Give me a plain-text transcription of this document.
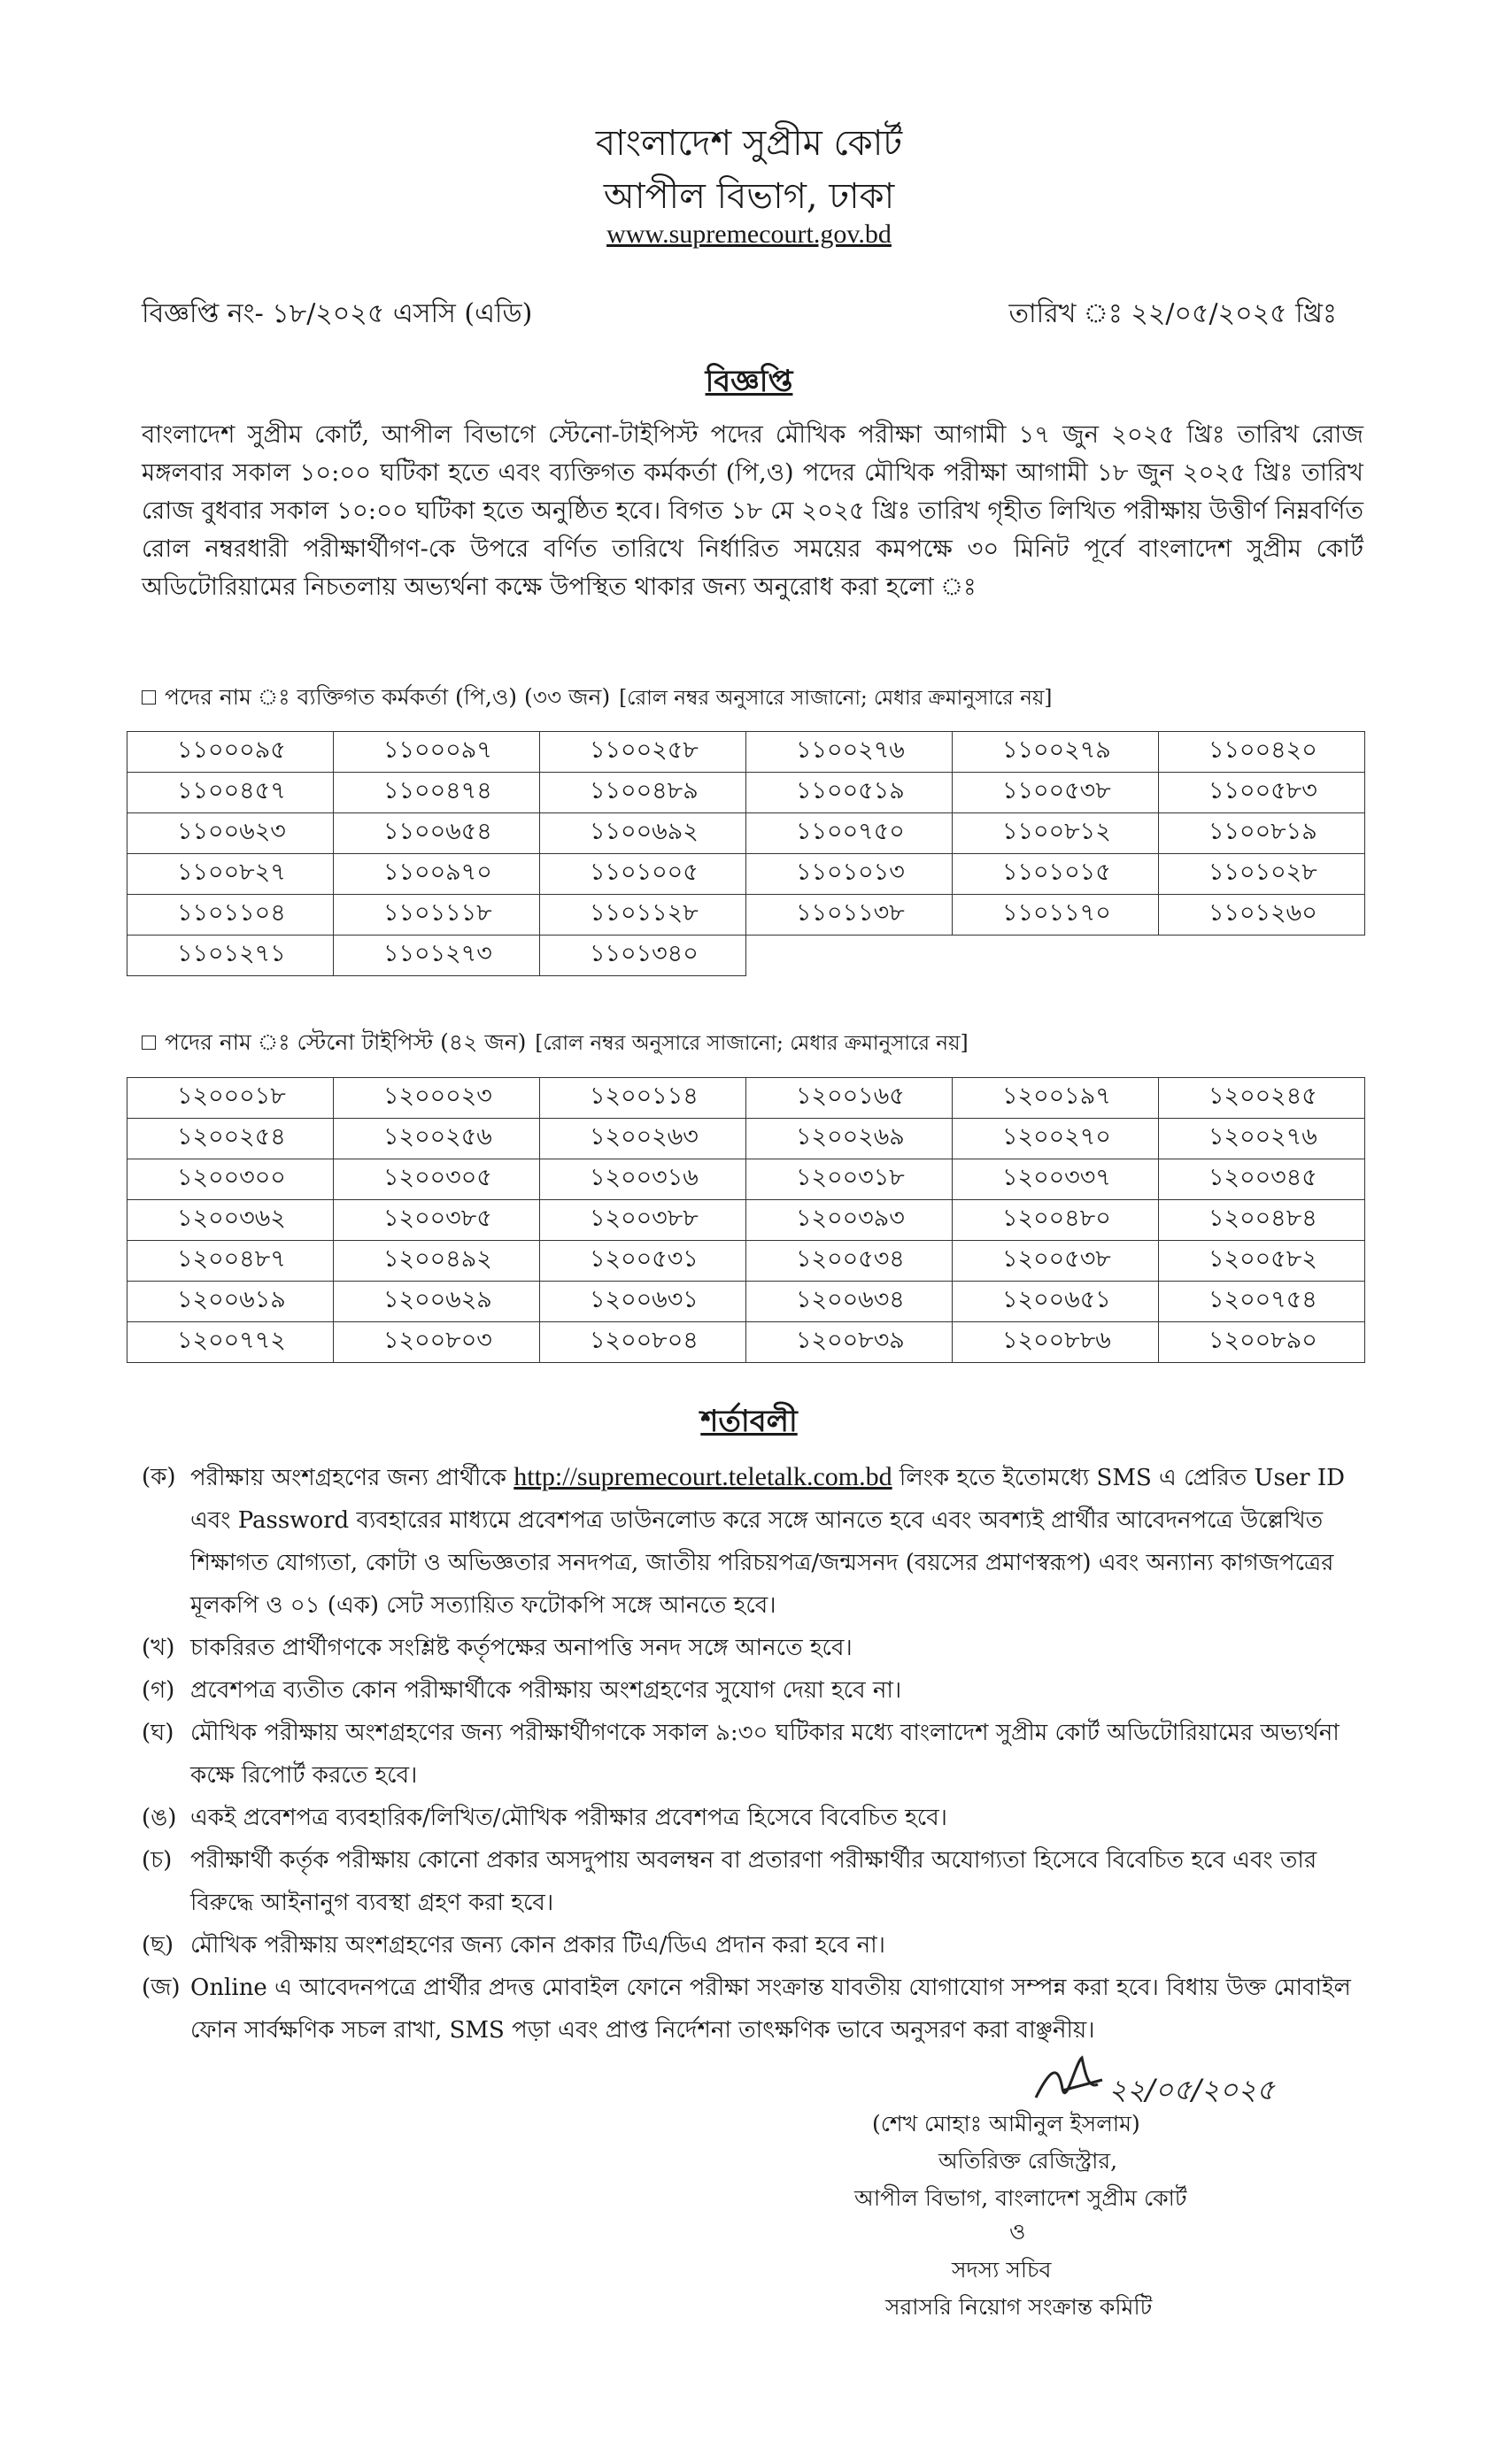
বাংলাদেশ সুপ্রীম কোর্ট
আপীল বিভাগ, ঢাকা
www.supremecourt.gov.bd
বিজ্ঞপ্তি নং- ১৮/২০২৫ এসসি (এডি)	তারিখ ঃ ২২/০৫/২০২৫ খ্রিঃ
বিজ্ঞপ্তি
বাংলাদেশ সুপ্রীম কোর্ট, আপীল বিভাগে স্টেনো-টাইপিস্ট পদের মৌখিক পরীক্ষা আগামী ১৭ জুন ২০২৫ খ্রিঃ তারিখ রোজ মঙ্গলবার সকাল ১০:০০ ঘটিকা হতে এবং ব্যক্তিগত কর্মকর্তা (পি,ও) পদের মৌখিক পরীক্ষা আগামী ১৮ জুন ২০২৫ খ্রিঃ তারিখ রোজ বুধবার সকাল ১০:০০ ঘটিকা হতে অনুষ্ঠিত হবে। বিগত ১৮ মে ২০২৫ খ্রিঃ তারিখ গৃহীত লিখিত পরীক্ষায় উত্তীর্ণ নিম্নবর্ণিত রোল নম্বরধারী পরীক্ষার্থীগণ-কে উপরে বর্ণিত তারিখে নির্ধারিত সময়ের কমপক্ষে ৩০ মিনিট পূর্বে বাংলাদেশ সুপ্রীম কোর্ট অডিটোরিয়ামের নিচতলায় অভ্যর্থনা কক্ষে উপস্থিত থাকার জন্য অনুরোধ করা হলো ঃ
পদের নাম ঃ ব্যক্তিগত কর্মকর্তা (পি,ও) (৩৩ জন) [রোল নম্বর অনুসারে সাজানো; মেধার ক্রমানুসারে নয়]
১১০০০৯৫	১১০০০৯৭	১১০০২৫৮	১১০০২৭৬	১১০০২৭৯	১১০০৪২০
১১০০৪৫৭	১১০০৪৭৪	১১০০৪৮৯	১১০০৫১৯	১১০০৫৩৮	১১০০৫৮৩
১১০০৬২৩	১১০০৬৫৪	১১০০৬৯২	১১০০৭৫০	১১০০৮১২	১১০০৮১৯
১১০০৮২৭	১১০০৯৭০	১১০১০০৫	১১০১০১৩	১১০১০১৫	১১০১০২৮
১১০১১০৪	১১০১১১৮	১১০১১২৮	১১০১১৩৮	১১০১১৭০	১১০১২৬০
১১০১২৭১	১১০১২৭৩	১১০১৩৪০			
পদের নাম ঃ স্টেনো টাইপিস্ট (৪২ জন) [রোল নম্বর অনুসারে সাজানো; মেধার ক্রমানুসারে নয়]
১২০০০১৮	১২০০০২৩	১২০০১১৪	১২০০১৬৫	১২০০১৯৭	১২০০২৪৫
১২০০২৫৪	১২০০২৫৬	১২০০২৬৩	১২০০২৬৯	১২০০২৭০	১২০০২৭৬
১২০০৩০০	১২০০৩০৫	১২০০৩১৬	১২০০৩১৮	১২০০৩৩৭	১২০০৩৪৫
১২০০৩৬২	১২০০৩৮৫	১২০০৩৮৮	১২০০৩৯৩	১২০০৪৮০	১২০০৪৮৪
১২০০৪৮৭	১২০০৪৯২	১২০০৫৩১	১২০০৫৩৪	১২০০৫৩৮	১২০০৫৮২
১২০০৬১৯	১২০০৬২৯	১২০০৬৩১	১২০০৬৩৪	১২০০৬৫১	১২০০৭৫৪
১২০০৭৭২	১২০০৮০৩	১২০০৮০৪	১২০০৮৩৯	১২০০৮৮৬	১২০০৮৯০
শর্তাবলী
(ক) পরীক্ষায় অংশগ্রহণের জন্য প্রার্থীকে http://supremecourt.teletalk.com.bd লিংক হতে ইতোমধ্যে SMS এ প্রেরিত User ID এবং Password ব্যবহারের মাধ্যমে প্রবেশপত্র ডাউনলোড করে সঙ্গে আনতে হবে এবং অবশ্যই প্রার্থীর আবেদনপত্রে উল্লেখিত শিক্ষাগত যোগ্যতা, কোটা ও অভিজ্ঞতার সনদপত্র, জাতীয় পরিচয়পত্র/জন্মসনদ (বয়সের প্রমাণস্বরূপ) এবং অন্যান্য কাগজপত্রের মূলকপি ও ০১ (এক) সেট সত্যায়িত ফটোকপি সঙ্গে আনতে হবে।
(খ) চাকরিরত প্রার্থীগণকে সংশ্লিষ্ট কর্তৃপক্ষের অনাপত্তি সনদ সঙ্গে আনতে হবে।
(গ) প্রবেশপত্র ব্যতীত কোন পরীক্ষার্থীকে পরীক্ষায় অংশগ্রহণের সুযোগ দেয়া হবে না।
(ঘ) মৌখিক পরীক্ষায় অংশগ্রহণের জন্য পরীক্ষার্থীগণকে সকাল ৯:৩০ ঘটিকার মধ্যে বাংলাদেশ সুপ্রীম কোর্ট অডিটোরিয়ামের অভ্যর্থনা কক্ষে রিপোর্ট করতে হবে।
(ঙ) একই প্রবেশপত্র ব্যবহারিক/লিখিত/মৌখিক পরীক্ষার প্রবেশপত্র হিসেবে বিবেচিত হবে।
(চ) পরীক্ষার্থী কর্তৃক পরীক্ষায় কোনো প্রকার অসদুপায় অবলম্বন বা প্রতারণা পরীক্ষার্থীর অযোগ্যতা হিসেবে বিবেচিত হবে এবং তার বিরুদ্ধে আইনানুগ ব্যবস্থা গ্রহণ করা হবে।
(ছ) মৌখিক পরীক্ষায় অংশগ্রহণের জন্য কোন প্রকার টিএ/ডিএ প্রদান করা হবে না।
(জ) Online এ আবেদনপত্রে প্রার্থীর প্রদত্ত মোবাইল ফোনে পরীক্ষা সংক্রান্ত যাবতীয় যোগাযোগ সম্পন্ন করা হবে। বিধায় উক্ত মোবাইল ফোন সার্বক্ষণিক সচল রাখা, SMS পড়া এবং প্রাপ্ত নির্দেশনা তাৎক্ষণিক ভাবে অনুসরণ করা বাঞ্ছনীয়।
২২/০৫/২০২৫
(শেখ মোহাঃ আমীনুল ইসলাম)
অতিরিক্ত রেজিস্ট্রার,
আপীল বিভাগ, বাংলাদেশ সুপ্রীম কোর্ট
ও
সদস্য সচিব
সরাসরি নিয়োগ সংক্রান্ত কমিটি
